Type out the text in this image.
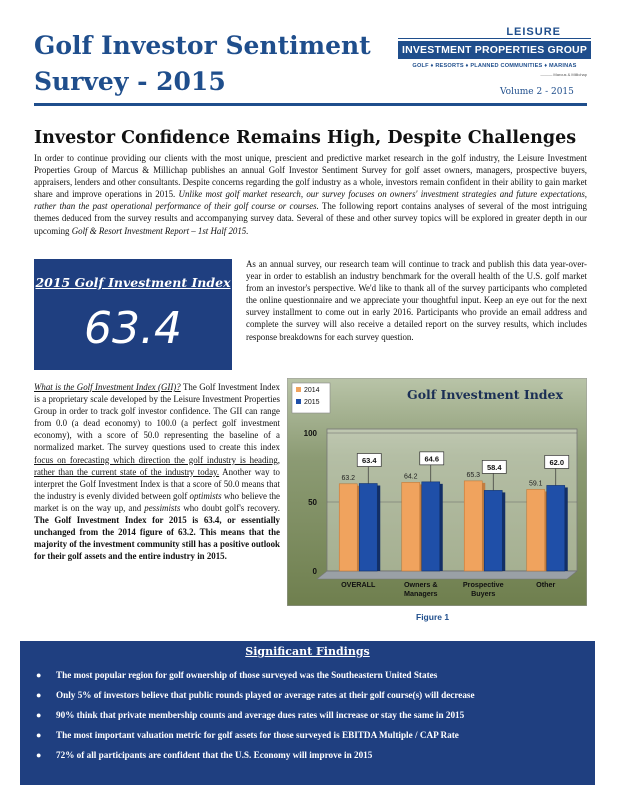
Golf Investor Sentiment
Survey - 2015
LEISURE
INVESTMENT PROPERTIES GROUP
GOLF ♦ RESORTS ♦ PLANNED COMMUNITIES ♦ MARINAS
——— Marcus & Millichap
Volume 2 - 2015
Investor Confidence Remains High, Despite Challenges
In order to continue providing our clients with the most unique, prescient and predictive market research in the golf industry, the Leisure Investment Properties Group of Marcus & Millichap publishes an annual Golf Investor Sentiment Survey for golf asset owners, managers, prospective buyers, appraisers, lenders and other consultants. Despite concerns regarding the golf industry as a whole, investors remain confident in their ability to gain market share and improve operations in 2015. Unlike most golf market research, our survey focuses on owners' investment strategies and future expectations, rather than the past operational performance of their golf course or courses. The following report contains analyses of several of the most intriguing themes deduced from the survey results and accompanying survey data. Several of these and other survey topics will be explored in greater depth in our upcoming Golf & Resort Investment Report – 1st Half 2015.
2015 Golf Investment Index
63.4
As an annual survey, our research team will continue to track and publish this data year-over-year in order to establish an industry benchmark for the overall health of the U.S. golf market from an investor's perspective. We'd like to thank all of the survey participants who completed the online questionnaire and we appreciate your thoughtful input. Keep an eye out for the next survey installment to come out in early 2016. Participants who provide an email address and complete the survey will also receive a detailed report on the survey results, which includes response breakdowns for each survey question.
What is the Golf Investment Index (GII)? The Golf Investment Index is a proprietary scale developed by the Leisure Investment Properties Group in order to track golf investor confidence. The GII can range from 0.0 (a dead economy) to 100.0 (a perfect golf investment economy), with a score of 50.0 representing the baseline of a normalized market. The survey questions used to create this index focus on forecasting which direction the golf industry is heading, rather than the current state of the industry today. Another way to interpret the Golf Investment Index is that a score of 50.0 means that the industry is evenly divided between golf optimists who believe the market is on the way up, and pessimists who doubt golf's recovery. The Golf Investment Index for 2015 is 63.4, or essentially unchanged from the 2014 figure of 63.2. This means that the majority of the investment community still has a positive outlook for their golf assets and the entire industry in 2015.
0
50
100
Golf Investment Index
2014
2015
63.2
63.4
OVERALL
64.2
64.6
Owners &
Managers
65.3
58.4
Prospective
Buyers
59.1
62.0
Other
Figure 1
Significant Findings
● The most popular region for golf ownership of those surveyed was the Southeastern United States
● Only 5% of investors believe that public rounds played or average rates at their golf course(s) will decrease
● 90% think that private membership counts and average dues rates will increase or stay the same in 2015
● The most important valuation metric for golf assets for those surveyed is EBITDA Multiple / CAP Rate
● 72% of all participants are confident that the U.S. Economy will improve in 2015
